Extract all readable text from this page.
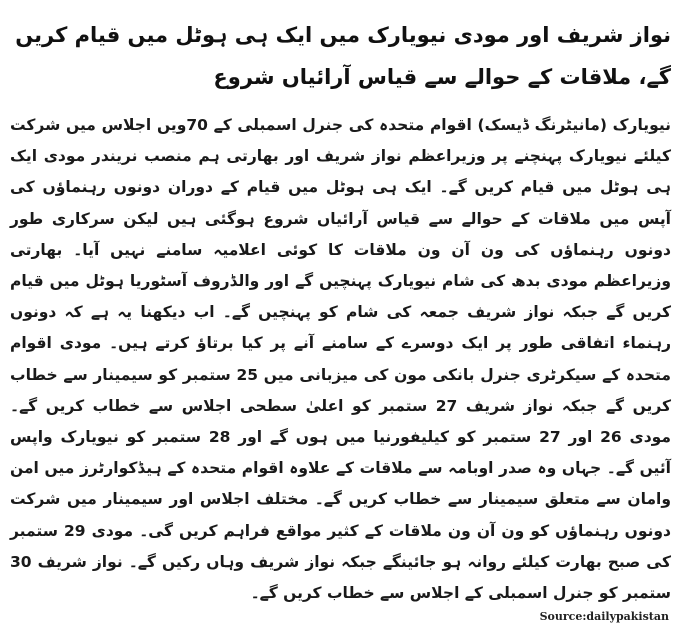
نواز شریف اور مودی نیویارک میں ایک ہی ہوٹل میں قیام کریں گے، ملاقات کے حوالے سے قیاس آرائیاں شروع

نیویارک (مانیٹرنگ ڈیسک) اقوام متحدہ کی جنرل اسمبلی کے 70ویں اجلاس میں شرکت کیلئے نیویارک پہنچنے پر وزیراعظم نواز شریف اور بھارتی ہم منصب نریندر مودی ایک ہی ہوٹل میں قیام کریں گے۔ ایک ہی ہوٹل میں قیام کے دوران دونوں رہنماؤں کی آپس میں ملاقات کے حوالے سے قیاس آرائیاں شروع ہوگئی ہیں لیکن سرکاری طور دونوں رہنماؤں کی ون آن ون ملاقات کا کوئی اعلامیہ سامنے نہیں آیا۔ بھارتی وزیراعظم مودی بدھ کی شام نیویارک پہنچیں گے اور والڈروف آسٹوریا ہوٹل میں قیام کریں گے جبکہ نواز شریف جمعہ کی شام کو پہنچیں گے۔ اب دیکھنا یہ ہے کہ دونوں رہنماء اتفاقی طور پر ایک دوسرے کے سامنے آنے پر کیا برتاؤ کرتے ہیں۔ مودی اقوام متحدہ کے سیکرٹری جنرل بانکی مون کی میزبانی میں 25 ستمبر کو سیمینار سے خطاب کریں گے جبکہ نواز شریف 27 ستمبر کو اعلیٰ سطحی اجلاس سے خطاب کریں گے۔ مودی 26 اور 27 ستمبر کو کیلیفورنیا میں ہوں گے اور 28 ستمبر کو نیویارک واپس آئیں گے۔ جہاں وہ صدر اوبامہ سے ملاقات کے علاوہ اقوام متحدہ کے ہیڈکوارٹرز میں امن وامان سے متعلق سیمینار سے خطاب کریں گے۔ مختلف اجلاس اور سیمینار میں شرکت دونوں رہنماؤں کو ون آن ون ملاقات کے کثیر مواقع فراہم کریں گی۔ مودی 29 ستمبر کی صبح بھارت کیلئے روانہ ہو جائینگے جبکہ نواز شریف وہاں رکیں گے۔ نواز شریف 30 ستمبر کو جنرل اسمبلی کے اجلاس سے خطاب کریں گے۔

Source:dailypakistan
